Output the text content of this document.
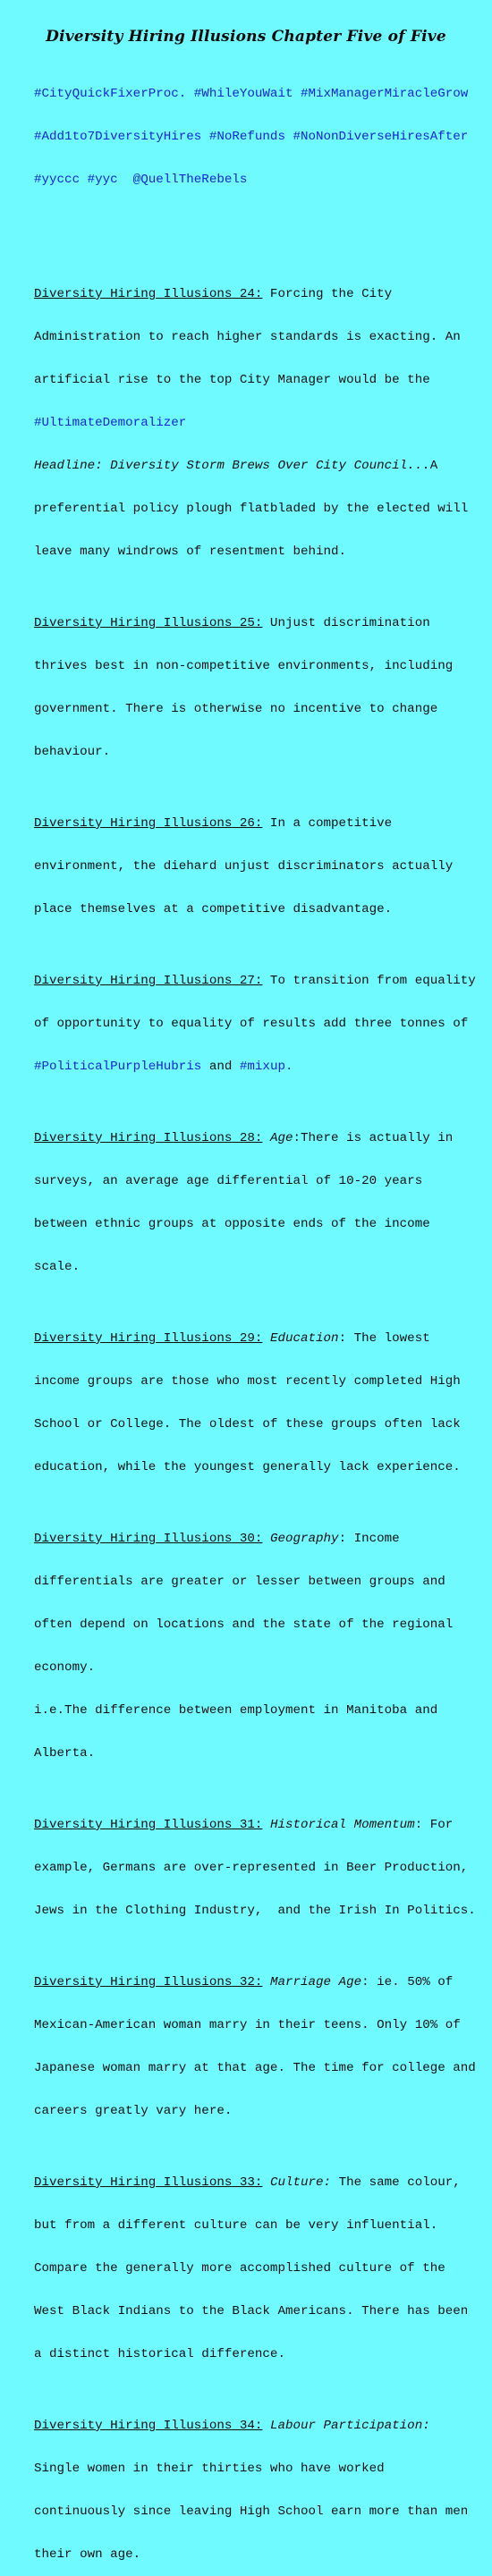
Diversity Hiring Illusions Chapter Five of Five

#CityQuickFixerProc. #WhileYouWait #MixManagerMiracleGrow

#Add1to7DiversityHires #NoRefunds #NoNonDiverseHiresAfter

#yyccc #yyc  @QuellTheRebels

Diversity Hiring Illusions 24: Forcing the City

Administration to reach higher standards is exacting. An

artificial rise to the top City Manager would be the

#UltimateDemoralizer

Headline: Diversity Storm Brews Over City Council...A

preferential policy plough flatbladed by the elected will

leave many windrows of resentment behind.

Diversity Hiring Illusions 25: Unjust discrimination

thrives best in non-competitive environments, including

government. There is otherwise no incentive to change

behaviour.

Diversity Hiring Illusions 26: In a competitive

environment, the diehard unjust discriminators actually

place themselves at a competitive disadvantage.

Diversity Hiring Illusions 27: To transition from equality

of opportunity to equality of results add three tonnes of

#PoliticalPurpleHubris and #mixup.

Diversity Hiring Illusions 28: Age:There is actually in

surveys, an average age differential of 10-20 years

between ethnic groups at opposite ends of the income

scale.

Diversity Hiring Illusions 29: Education: The lowest

income groups are those who most recently completed High

School or College. The oldest of these groups often lack

education, while the youngest generally lack experience.

Diversity Hiring Illusions 30: Geography: Income

differentials are greater or lesser between groups and

often depend on locations and the state of the regional

economy.

i.e.The difference between employment in Manitoba and

Alberta.

Diversity Hiring Illusions 31: Historical Momentum: For

example, Germans are over-represented in Beer Production,

Jews in the Clothing Industry,  and the Irish In Politics.

Diversity Hiring Illusions 32: Marriage Age: ie. 50% of

Mexican-American woman marry in their teens. Only 10% of

Japanese woman marry at that age. The time for college and

careers greatly vary here.

Diversity Hiring Illusions 33: Culture: The same colour,

but from a different culture can be very influential.

Compare the generally more accomplished culture of the

West Black Indians to the Black Americans. There has been

a distinct historical difference.

Diversity Hiring Illusions 34: Labour Participation:

Single women in their thirties who have worked

continuously since leaving High School earn more than men

their own age.
